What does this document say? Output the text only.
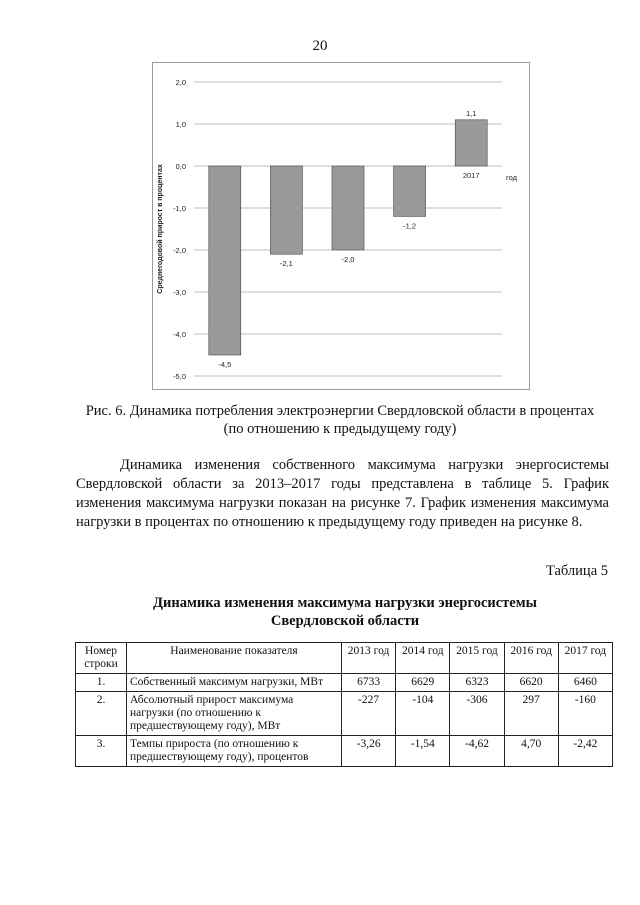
20
2,0
1,0
0,0
-1,0
-2,0
-3,0
-4,0
-5,0
-4,5
-2,1	-2,0
-1,2
1,1
2017	год
Среднегодовой прирост в процентах
Рис. 6. Динамика потребления электроэнергии Свердловской области в процентах
(по отношению к предыдущему году)
Динамика изменения собственного максимума нагрузки энергосистемы Свердловской области за 2013–2017 годы представлена в таблице 5. График изменения максимума нагрузки показан на рисунке 7. График изменения максимума нагрузки в процентах по отношению к предыдущему году приведен на рисунке 8.
Таблица 5
Динамика изменения максимума нагрузки энергосистемы
Свердловской области
Номер строки	Наименование показателя	2013 год	2014 год	2015 год	2016 год	2017 год
1.	Собственный максимум нагрузки, МВт	6733	6629	6323	6620	6460
2.	Абсолютный прирост максимума нагрузки (по отношению к предшествующему году), МВт	-227	-104	-306	297	-160
3.	Темпы прироста (по отношению к предшествующему году), процентов	-3,26	-1,54	-4,62	4,70	-2,42
